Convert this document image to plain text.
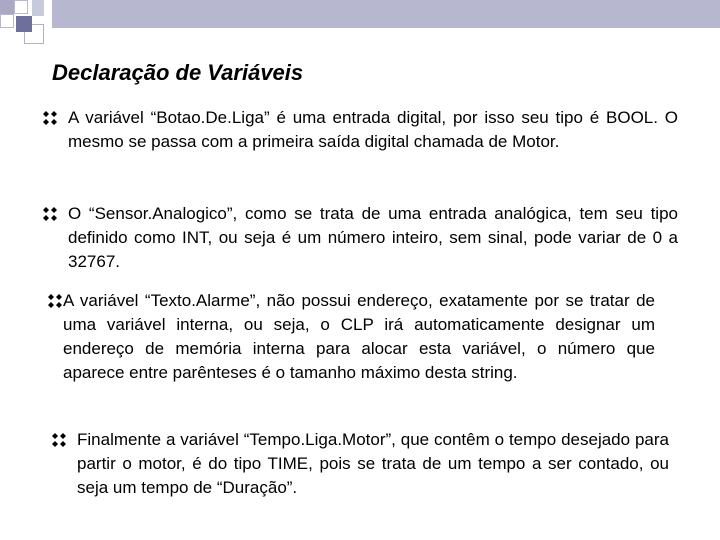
Declaração de Variáveis

A variável “Botao.De.Liga” é uma entrada digital, por isso seu tipo é BOOL. O mesmo se passa com a primeira saída digital chamada de Motor.

O “Sensor.Analogico”, como se trata de uma entrada analógica, tem seu tipo definido como INT, ou seja é um número inteiro, sem sinal, pode variar de 0 a 32767.

A variável “Texto.Alarme”, não possui endereço, exatamente por se tratar de uma variável interna, ou seja, o CLP irá automaticamente designar um endereço de memória interna para alocar esta variável, o número que aparece entre parênteses é o tamanho máximo desta string.

Finalmente a variável “Tempo.Liga.Motor”, que contêm o tempo desejado para partir o motor, é do tipo TIME, pois se trata de um tempo a ser contado, ou seja um tempo de “Duração”.
